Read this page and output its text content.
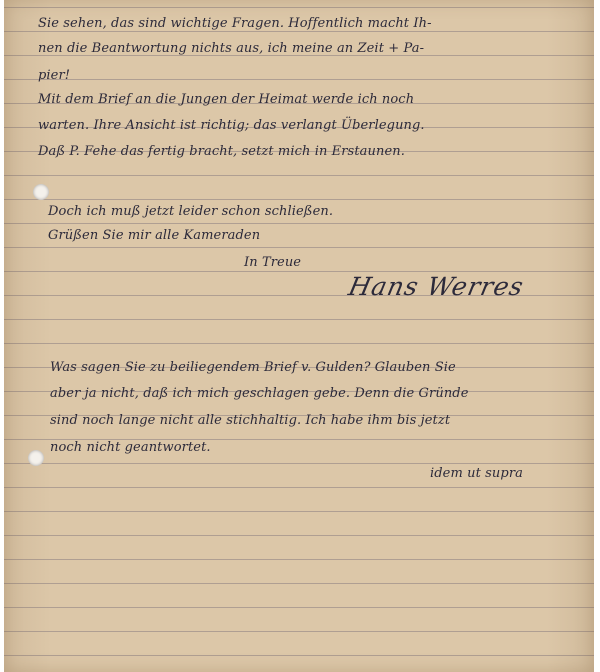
Sie sehen, das sind wichtige Fragen. Hoffentlich macht Ih-

nen die Beantwortung nichts aus, ich meine an Zeit + Pa-

pier!

Mit dem Brief an die Jungen der Heimat werde ich noch

warten. Ihre Ansicht ist richtig; das verlangt Überlegung.

Daß P. Fehe das fertig bracht, setzt mich in Erstaunen.

Doch ich muß jetzt leider schon schließen.

Grüßen Sie mir alle Kameraden

In Treue

Hans Werres

Was sagen Sie zu beiliegendem Brief v. Gulden? Glauben Sie

aber ja nicht, daß ich mich geschlagen gebe. Denn die Gründe

sind noch lange nicht alle stichhaltig. Ich habe ihm bis jetzt

noch nicht geantwortet.

idem ut supra
